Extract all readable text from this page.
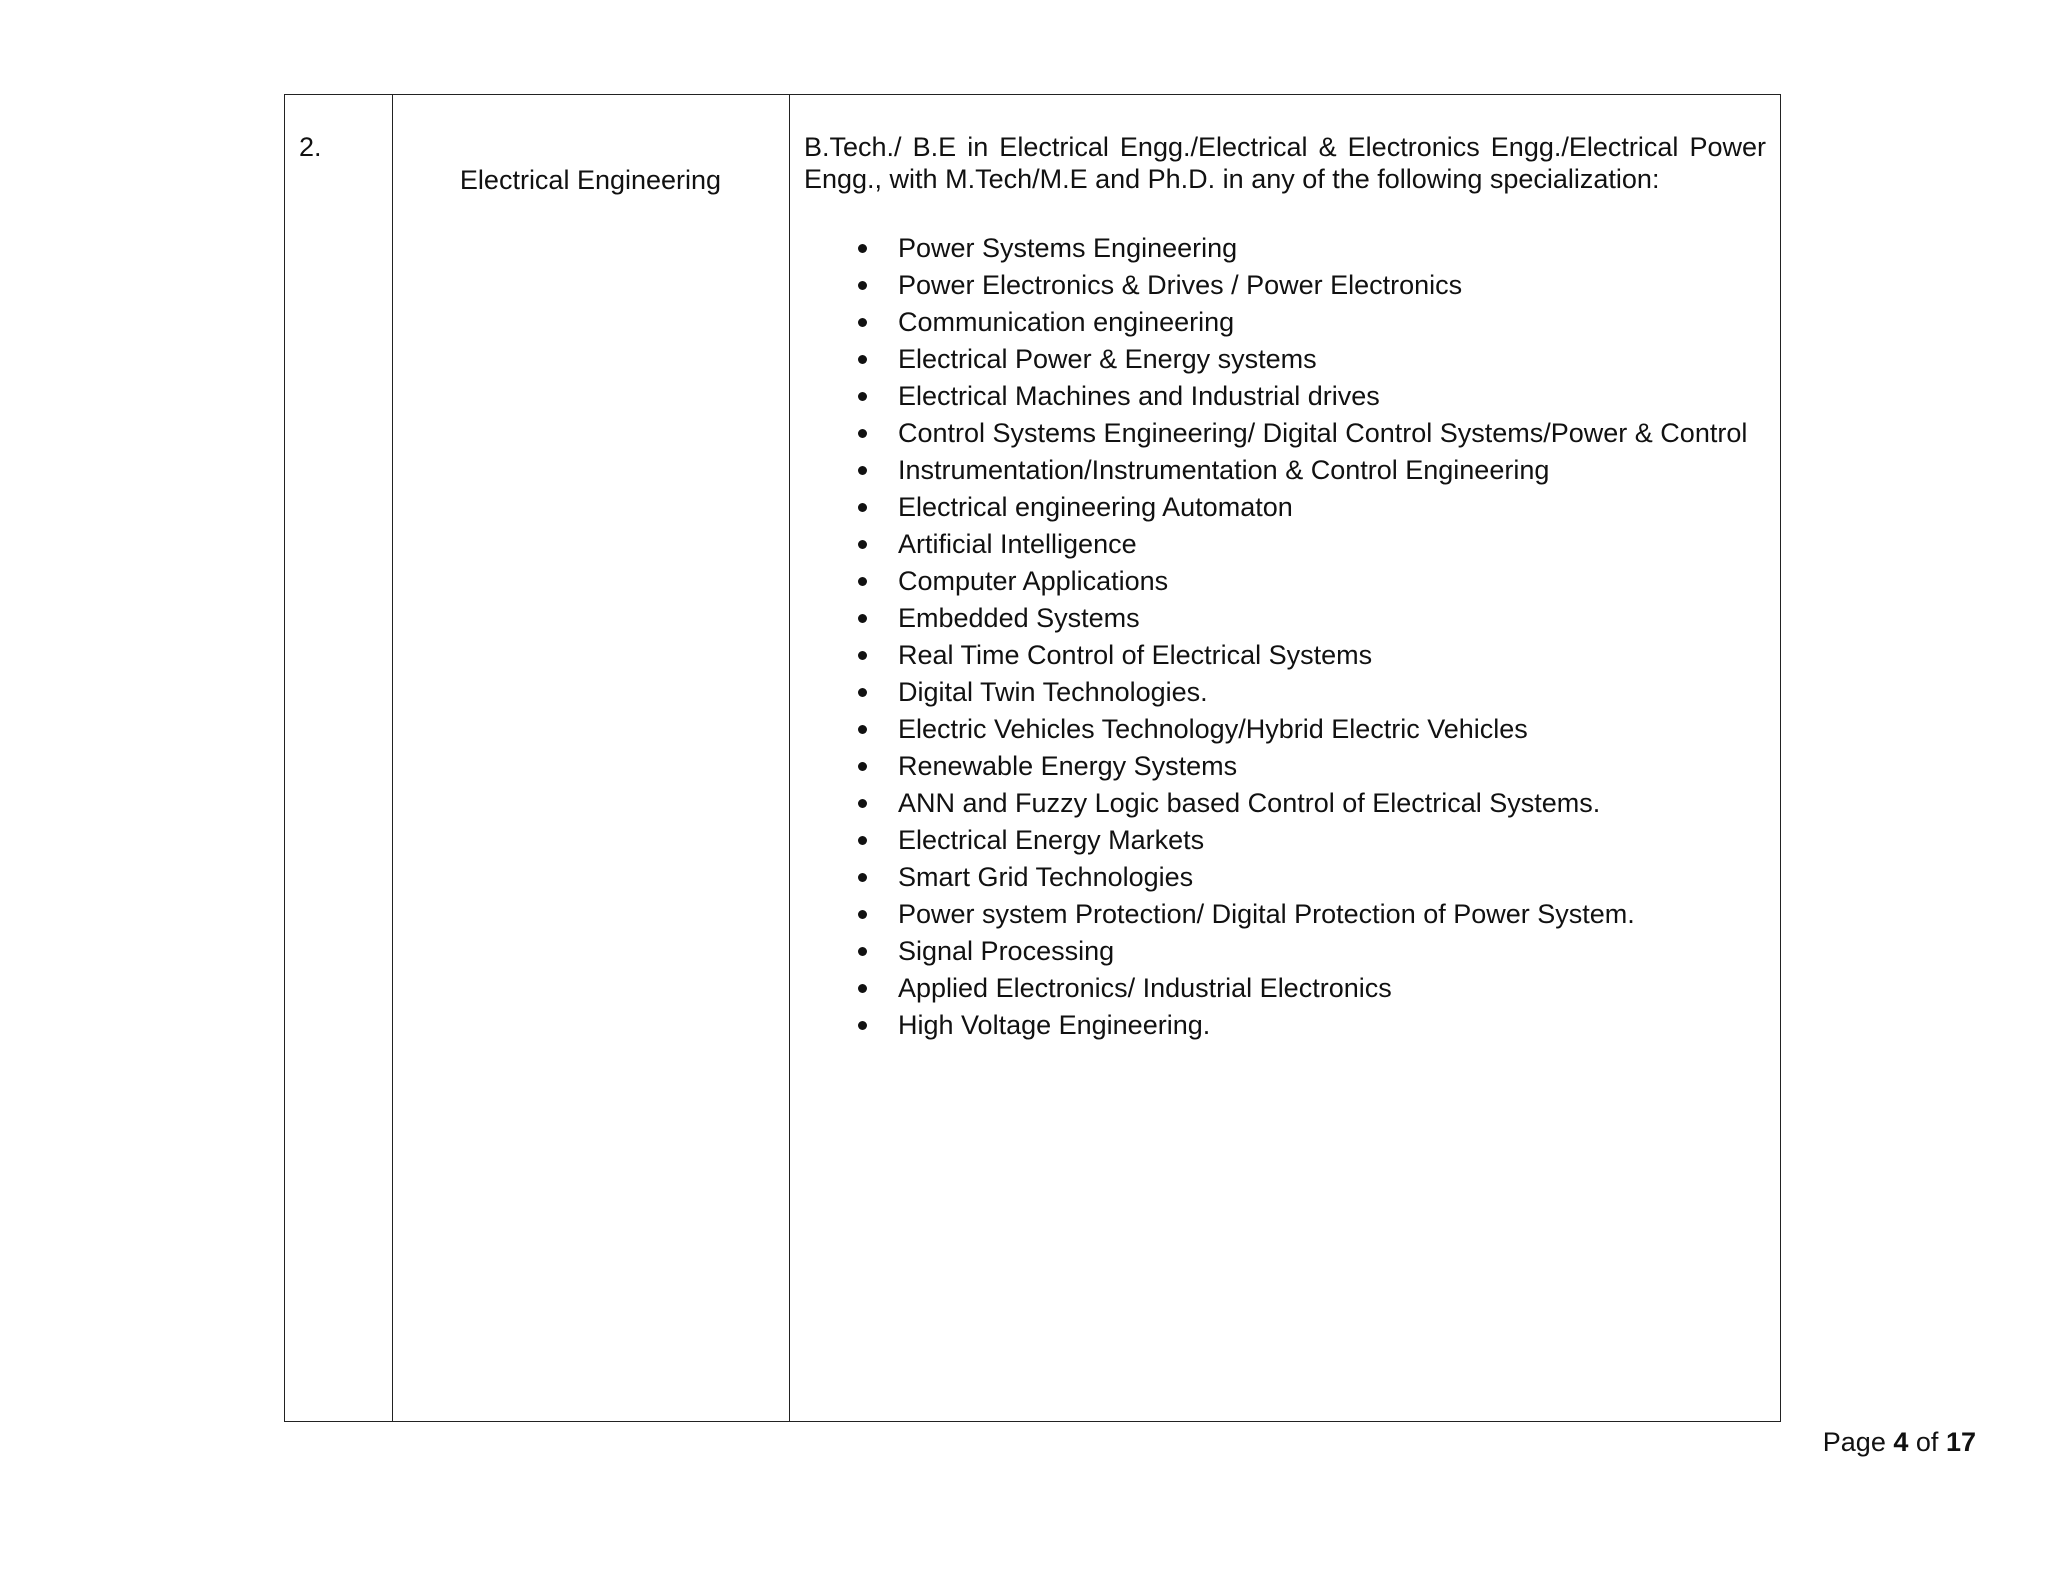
2.
Electrical Engineering

B.Tech./ B.E in Electrical Engg./Electrical & Electronics Engg./Electrical Power Engg., with M.Tech/M.E and Ph.D. in any of the following specialization:

Power Systems Engineering
Power Electronics & Drives / Power Electronics
Communication engineering
Electrical Power & Energy systems
Electrical Machines and Industrial drives
Control Systems Engineering/ Digital Control Systems/Power & Control
Instrumentation/Instrumentation & Control Engineering
Electrical engineering Automaton
Artificial Intelligence
Computer Applications
Embedded Systems
Real Time Control of Electrical Systems
Digital Twin Technologies.
Electric Vehicles Technology/Hybrid Electric Vehicles
Renewable Energy Systems
ANN and Fuzzy Logic based Control of Electrical Systems.
Electrical Energy Markets
Smart Grid Technologies
Power system Protection/ Digital Protection of Power System.
Signal Processing
Applied Electronics/ Industrial Electronics
High Voltage Engineering.
Page 4 of 17
